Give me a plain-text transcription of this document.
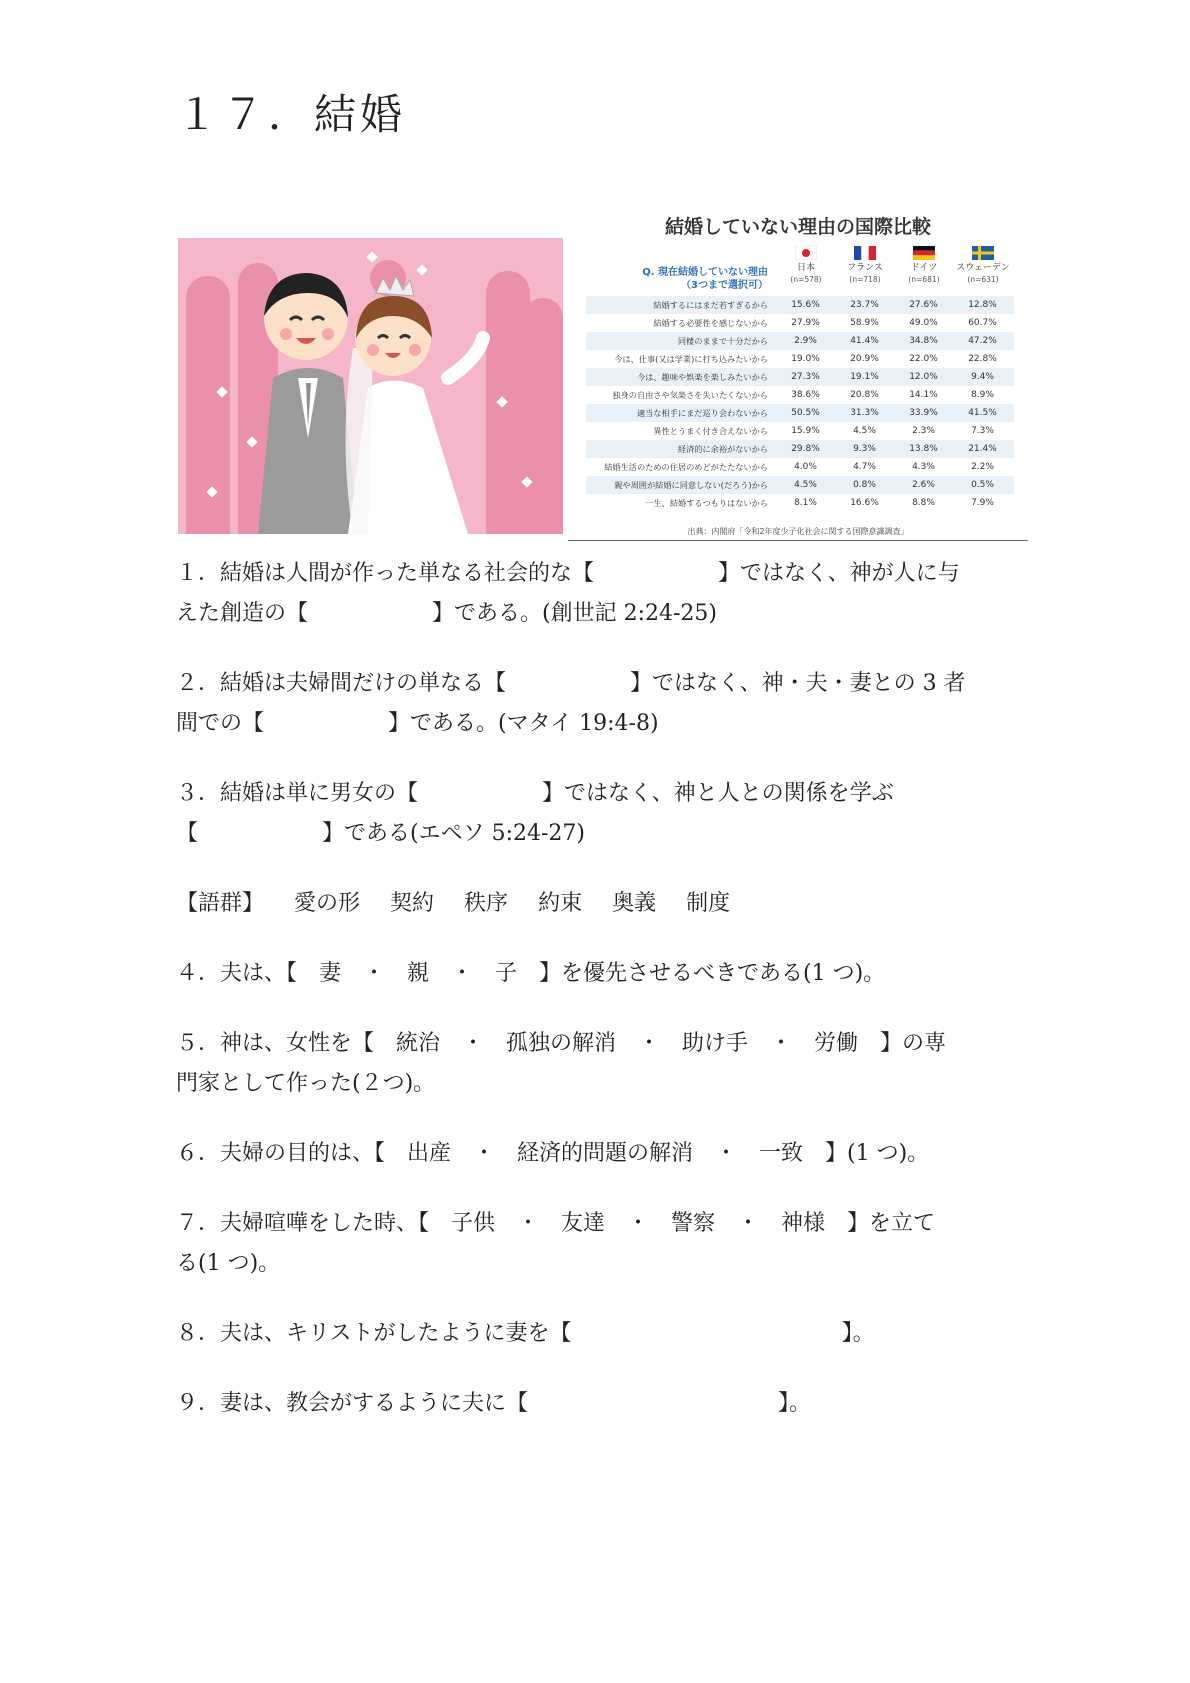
１７．結婚
結婚していない理由の国際比較
Q. 現在結婚していない理由
（3つまで選択可）
日本
(n=578)
フランス
(n=718)
ドイツ
(n=681)
スウェーデン
(n=631)
結婚するにはまだ若すぎるから	15.6%	23.7%	27.6%	12.8%
結婚する必要性を感じないから	27.9%	58.9%	49.0%	60.7%
同棲のままで十分だから	2.9%	41.4%	34.8%	47.2%
今は、仕事(又は学業)に打ち込みたいから	19.0%	20.9%	22.0%	22.8%
今は、趣味や娯楽を楽しみたいから	27.3%	19.1%	12.0%	9.4%
独身の自由さや気楽さを失いたくないから	38.6%	20.8%	14.1%	8.9%
適当な相手にまだ巡り会わないから	50.5%	31.3%	33.9%	41.5%
異性とうまく付き合えないから	15.9%	4.5%	2.3%	7.3%
経済的に余裕がないから	29.8%	9.3%	13.8%	21.4%
結婚生活のための住居のめどがたたないから	4.0%	4.7%	4.3%	2.2%
親や周囲が結婚に同意しない(だろう)から	4.5%	0.8%	2.6%	0.5%
一生、結婚するつもりはないから	8.1%	16.6%	8.8%	7.9%
出典：内閣府「令和2年度少子化社会に関する国際意識調査」
１．結婚は人間が作った単なる社会的な【	】ではなく、神が人に与
えた創造の【	】である。(創世記 2:24-25)
２．結婚は夫婦間だけの単なる【	】ではなく、神・夫・妻との 3 者
間での【	】である。(マタイ 19:4-8)
３．結婚は単に男女の【	】ではなく、神と人との関係を学ぶ
【	】である(エペソ 5:24-27)
【語群】 愛の形 契約 秩序 約束 奥義 制度
４．夫は、【　妻　・　親　・　子　】を優先させるべきである(1 つ)。
５．神は、女性を【　統治　・　孤独の解消　・　助け手　・　労働　】の専
門家として作った(２つ)。
６．夫婦の目的は、【　出産　・　経済的問題の解消　・　一致　】(1 つ)。
７．夫婦喧嘩をした時、【　子供　・　友達　・　警察　・　神様　】を立て
る(1 つ)。
８．夫は、キリストがしたように妻を【	】。
９．妻は、教会がするように夫に【	】。
